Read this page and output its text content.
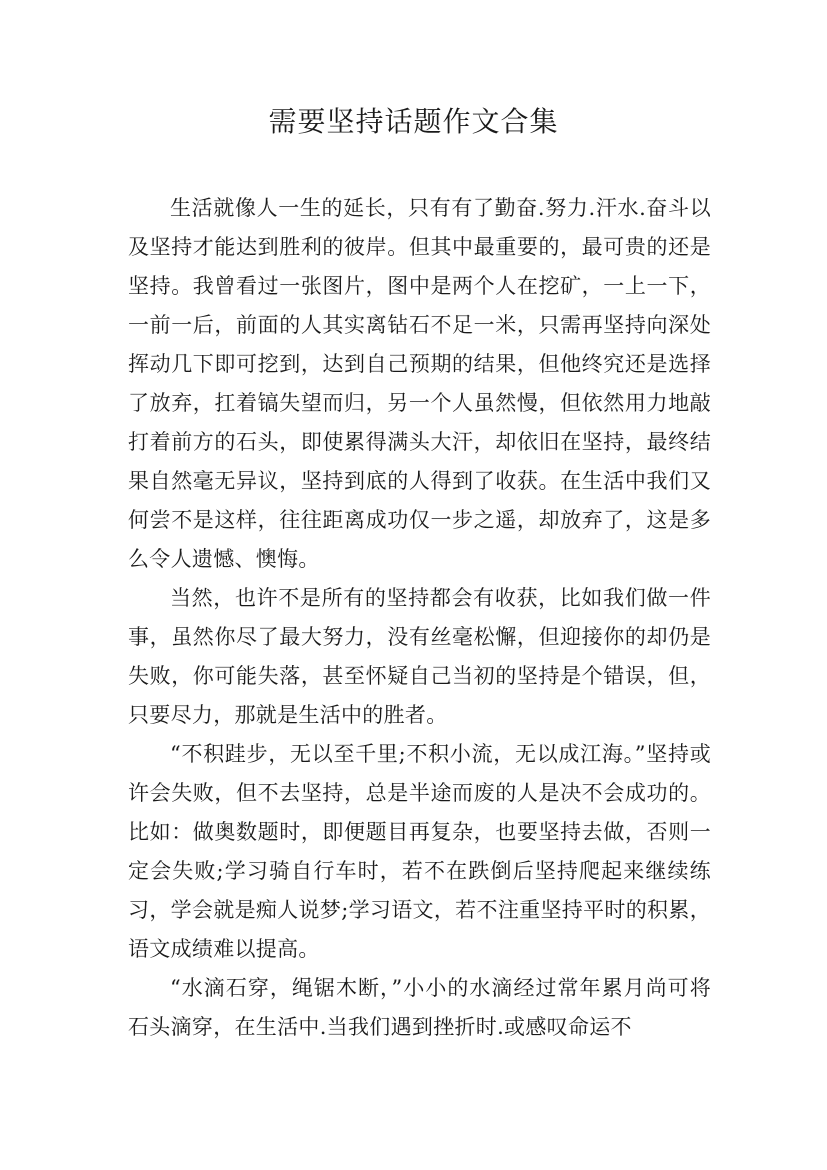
需要坚持话题作文合集

生活就像人一生的延长，只有有了勤奋.努力.汗水.奋斗以及坚持才能达到胜利的彼岸。但其中最重要的，最可贵的还是坚持。我曾看过一张图片，图中是两个人在挖矿，一上一下，一前一后，前面的人其实离钻石不足一米，只需再坚持向深处挥动几下即可挖到，达到自己预期的结果，但他终究还是选择了放弃，扛着镐失望而归，另一个人虽然慢，但依然用力地敲打着前方的石头，即使累得满头大汗，却依旧在坚持，最终结果自然毫无异议，坚持到底的人得到了收获。在生活中我们又何尝不是这样，往往距离成功仅一步之遥，却放弃了，这是多么令人遗憾、懊悔。

当然，也许不是所有的坚持都会有收获，比如我们做一件事，虽然你尽了最大努力，没有丝毫松懈，但迎接你的却仍是失败，你可能失落，甚至怀疑自己当初的坚持是个错误，但，只要尽力，那就是生活中的胜者。

“不积跬步，无以至千里;不积小流，无以成江海。”坚持或许会失败，但不去坚持，总是半途而废的人是决不会成功的。比如：做奥数题时，即便题目再复杂，也要坚持去做，否则一定会失败;学习骑自行车时，若不在跌倒后坚持爬起来继续练习，学会就是痴人说梦;学习语文，若不注重坚持平时的积累，语文成绩难以提高。

“水滴石穿，绳锯木断，”小小的水滴经过常年累月尚可将石头滴穿，在生活中.当我们遇到挫折时.或感叹命运不
